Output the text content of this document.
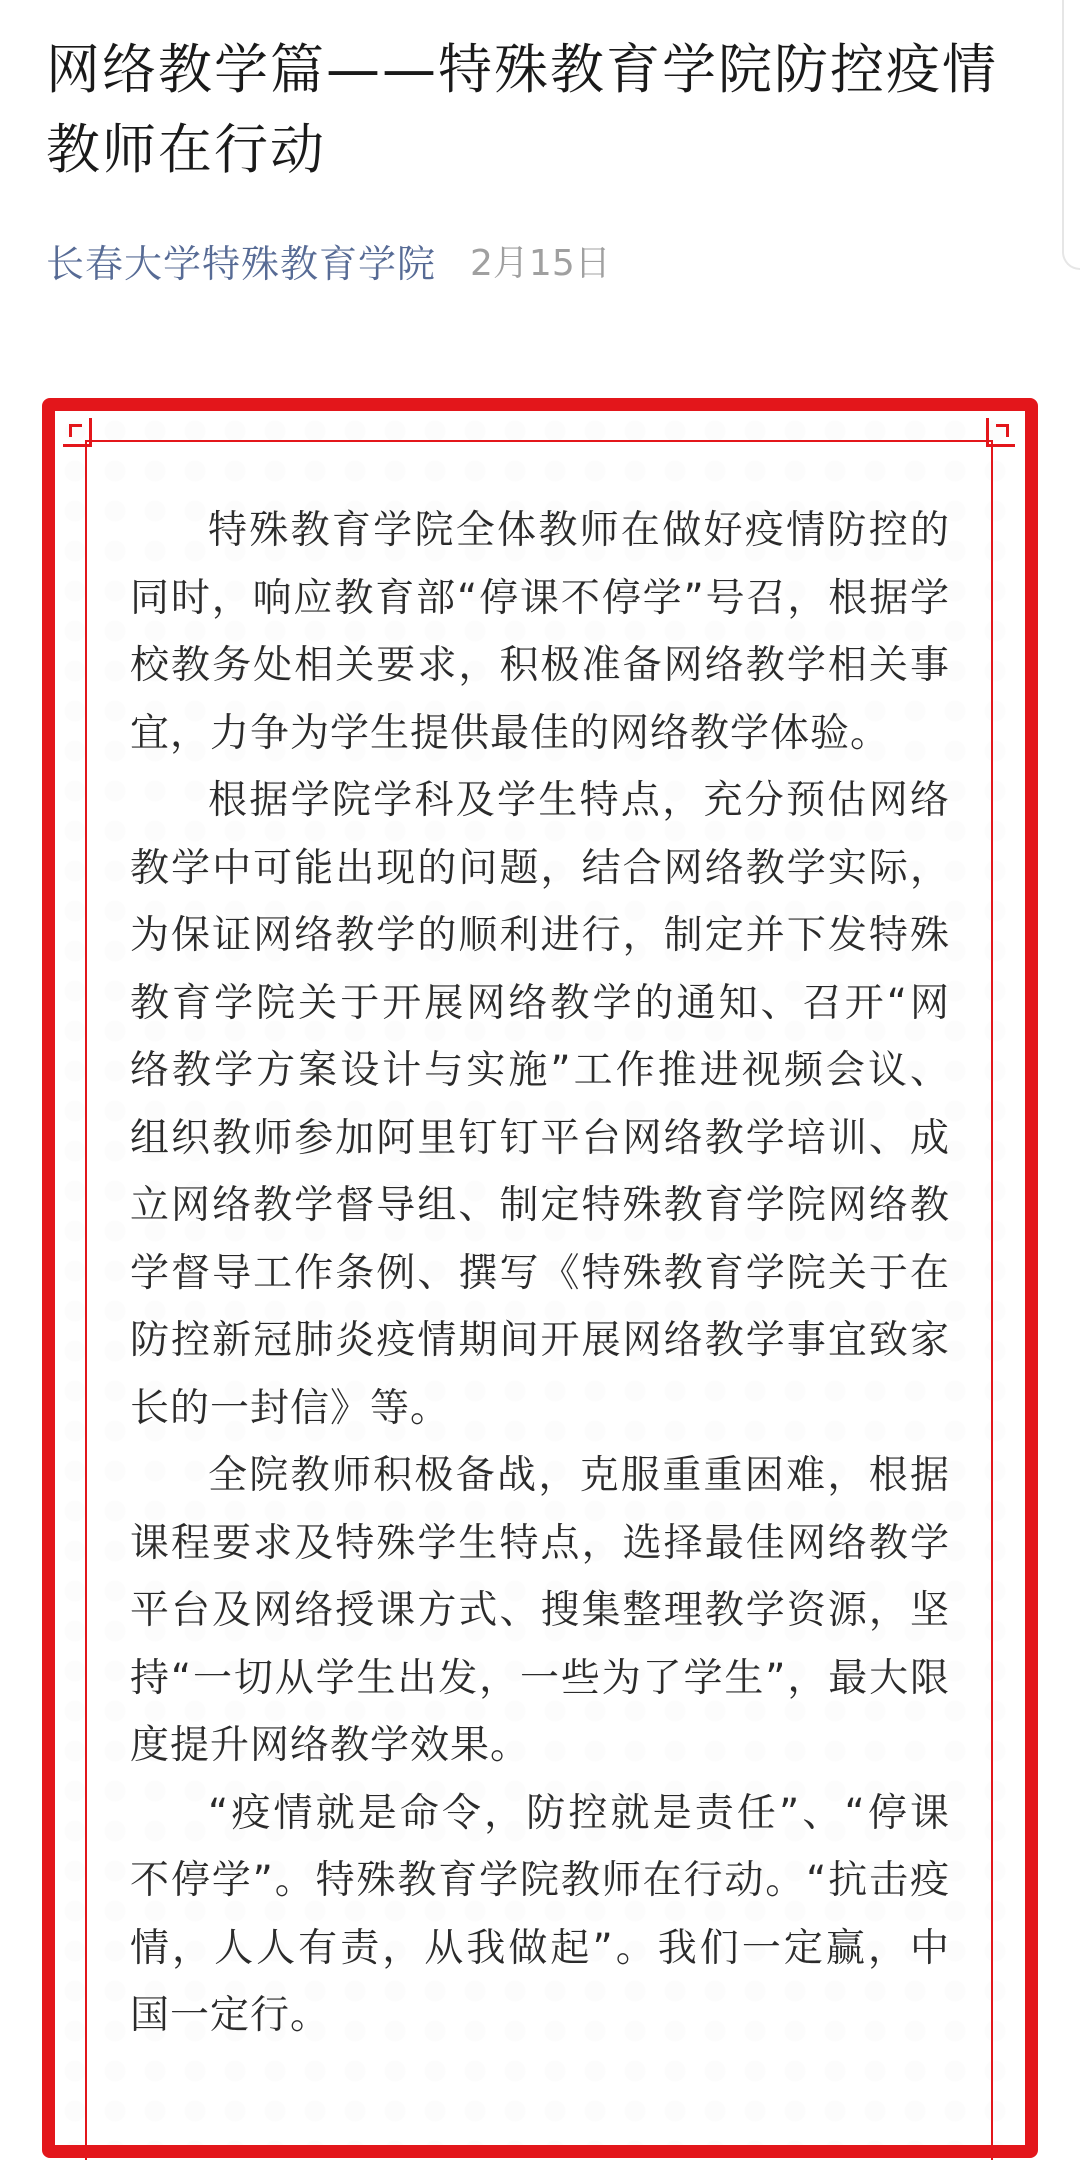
网络教学篇——特殊教育学院防控疫情教师在行动
长春大学特殊教育学院 2月15日

特殊教育学院全体教师在做好疫情防控的同时，响应教育部“停课不停学”号召，根据学校教务处相关要求，积极准备网络教学相关事宜，力争为学生提供最佳的网络教学体验。

根据学院学科及学生特点，充分预估网络教学中可能出现的问题，结合网络教学实际，为保证网络教学的顺利进行，制定并下发特殊教育学院关于开展网络教学的通知、召开“网络教学方案设计与实施”工作推进视频会议、组织教师参加阿里钉钉平台网络教学培训、成立网络教学督导组、制定特殊教育学院网络教学督导工作条例、撰写《特殊教育学院关于在防控新冠肺炎疫情期间开展网络教学事宜致家长的一封信》等。

全院教师积极备战，克服重重困难，根据课程要求及特殊学生特点，选择最佳网络教学平台及网络授课方式、搜集整理教学资源，坚持“一切从学生出发，一些为了学生”，最大限度提升网络教学效果。

“疫情就是命令，防控就是责任”、“停课不停学”。特殊教育学院教师在行动。“抗击疫情，人人有责，从我做起”。我们一定赢，中国一定行。
